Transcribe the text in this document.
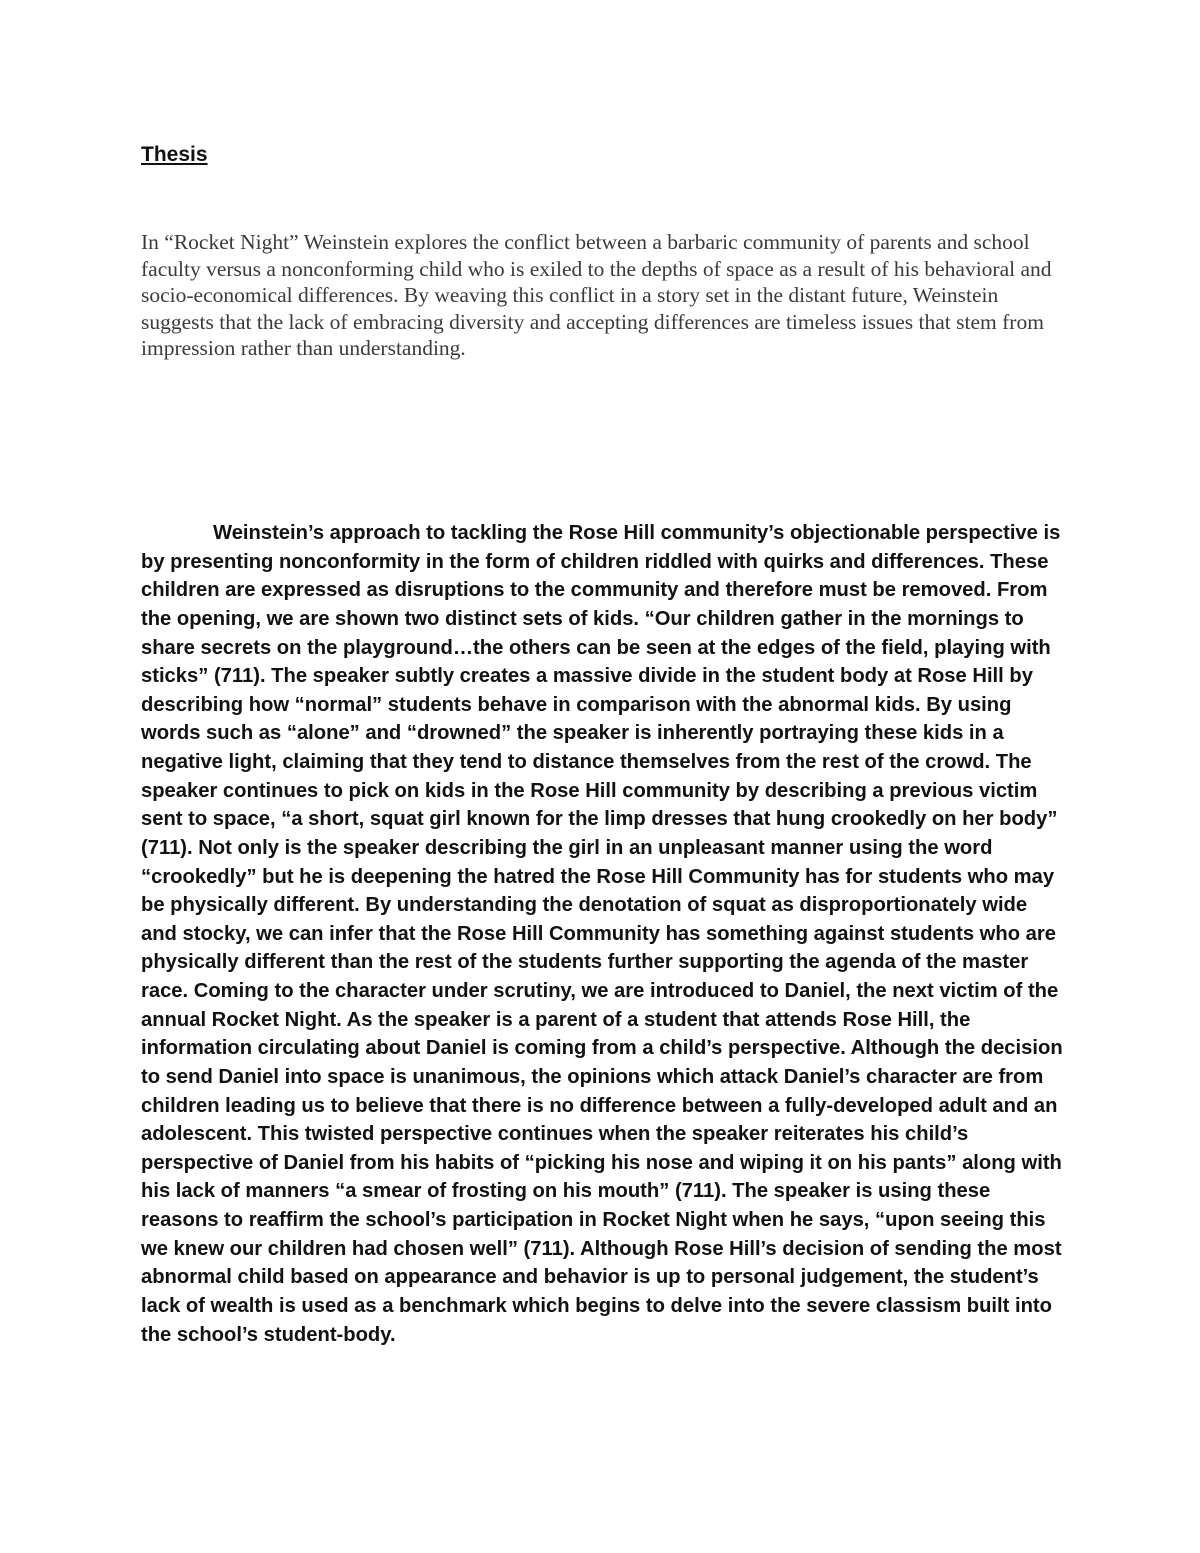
Thesis

In “Rocket Night” Weinstein explores the conflict between a barbaric community of parents and school faculty versus a nonconforming child who is exiled to the depths of space as a result of his behavioral and socio-economical differences. By weaving this conflict in a story set in the distant future, Weinstein suggests that the lack of embracing diversity and accepting differences are timeless issues that stem from impression rather than understanding.

Weinstein’s approach to tackling the Rose Hill community’s objectionable perspective is by presenting nonconformity in the form of children riddled with quirks and differences. These children are expressed as disruptions to the community and therefore must be removed. From the opening, we are shown two distinct sets of kids. “Our children gather in the mornings to share secrets on the playground…the others can be seen at the edges of the field, playing with sticks” (711). The speaker subtly creates a massive divide in the student body at Rose Hill by describing how “normal” students behave in comparison with the abnormal kids. By using words such as “alone” and “drowned” the speaker is inherently portraying these kids in a negative light, claiming that they tend to distance themselves from the rest of the crowd. The speaker continues to pick on kids in the Rose Hill community by describing a previous victim sent to space, “a short, squat girl known for the limp dresses that hung crookedly on her body” (711). Not only is the speaker describing the girl in an unpleasant manner using the word “crookedly” but he is deepening the hatred the Rose Hill Community has for students who may be physically different. By understanding the denotation of squat as disproportionately wide and stocky, we can infer that the Rose Hill Community has something against students who are physically different than the rest of the students further supporting the agenda of the master race. Coming to the character under scrutiny, we are introduced to Daniel, the next victim of the annual Rocket Night. As the speaker is a parent of a student that attends Rose Hill, the information circulating about Daniel is coming from a child’s perspective. Although the decision to send Daniel into space is unanimous, the opinions which attack Daniel’s character are from children leading us to believe that there is no difference between a fully-developed adult and an adolescent. This twisted perspective continues when the speaker reiterates his child’s perspective of Daniel from his habits of “picking his nose and wiping it on his pants” along with his lack of manners “a smear of frosting on his mouth” (711). The speaker is using these reasons to reaffirm the school’s participation in Rocket Night when he says, “upon seeing this we knew our children had chosen well” (711). Although Rose Hill’s decision of sending the most abnormal child based on appearance and behavior is up to personal judgement, the student’s lack of wealth is used as a benchmark which begins to delve into the severe classism built into the school’s student-body.
